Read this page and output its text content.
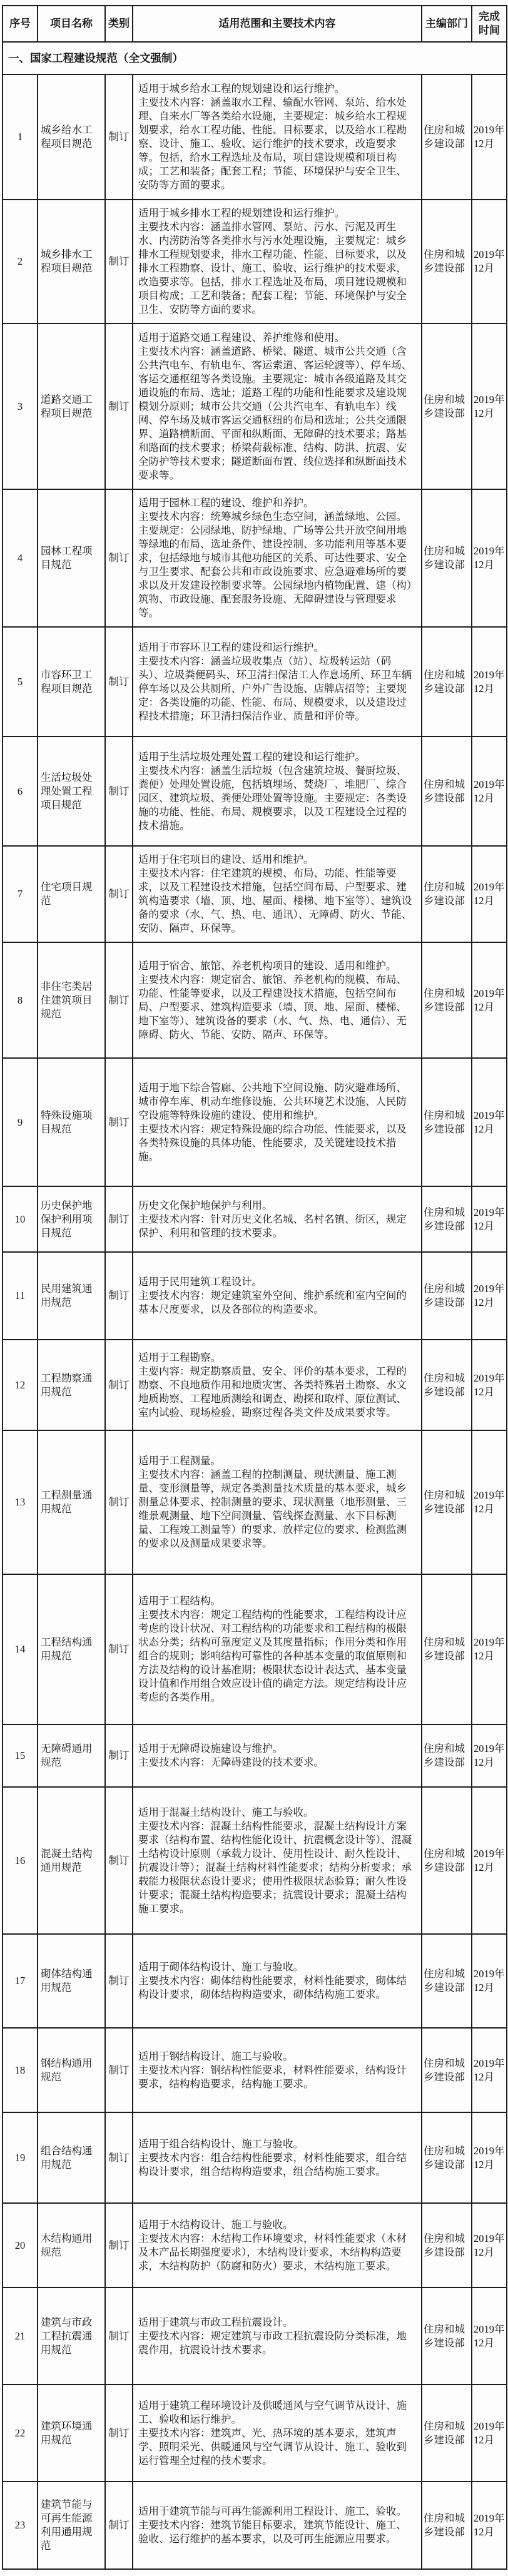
序号	项目名称	类别	适用范围和主要技术内容	主编部门	完成时间
一、国家工程建设规范（全文强制）					
1	城乡给水工程项目规范	制订	适用于城乡给水工程的规划建设和运行维护。
主要技术内容：涵盖取水工程、输配水管网、泵站、给水处理、自来水厂等各类给水设施，主要规定：城乡给水工程规划要求，给水工程功能、性能、目标要求，以及给水工程勘察、设计、施工、验收、运行维护的技术要求，改造要求等。包括，给水工程选址及布局，项目建设规模和项目构成；工艺和装备；配套工程；节能、环境保护与安全卫生、安防等方面的要求。	住房和城乡建设部	2019年12月
2	城乡排水工程项目规范	制订	适用于城乡排水工程的规划建设和运行维护。
主要技术内容：涵盖排水管网、泵站、污水、污泥及再生水、内涝防治等各类排水与污水处理设施，主要规定：城乡排水工程规划要求，排水工程功能、性能、目标要求，以及排水工程勘察、设计、施工、验收、运行维护的技术要求，改造要求等。包括，排水工程选址及布局，项目建设规模和项目构成；工艺和装备；配套工程；节能、环境保护与安全卫生、安防等方面的要求。	住房和城乡建设部	2019年12月
3	道路交通工程项目规范	制订	适用于道路交通工程建设、养护维修和使用。
主要技术内容：涵盖道路、桥梁、隧道、城市公共交通（含公共汽电车、有轨电车、客运索道、客运轮渡等）、停车场、客运交通枢纽等各类设施。主要规定：城市各级道路及其交通设施的布局、选址；道路工程的功能和性能要求及建设规模划分原则；城市公共交通（公共汽电车、有轨电车）线网、停车场及城市客运交通枢纽的布局和选址；公共交通限界、道路横断面、平面和纵断面、无障碍的技术要求；路基和路面的技术要求；桥梁荷载标准、结构、防洪、抗震、安全防护等技术要求；隧道断面布置、线位选择和纵断面技术要求等。	住房和城乡建设部	2019年12月
4	园林工程项目规范	制订	适用于园林工程的建设、维护和养护。
主要技术内容：统筹城乡绿色生态空间，涵盖绿地、公园。主要规定：公园绿地、防护绿地、广场等公共开放空间用地等绿地的布局、选址条件、建设控制、多功能利用等基本要求，包括绿地与城市其他功能区的关系、可达性要求、安全与卫生要求、配套公共和市政设施要求、应急避难场所的要求以及开发建设控制要求等。公园绿地内植物配置、建（构）筑物、市政设施、配套服务设施、无障碍建设与管理要求等。	住房和城乡建设部	2019年12月
5	市容环卫工程项目规范	制订	适用于市容环卫工程的建设和运行维护。
主要技术内容：涵盖垃圾收集点（站）、垃圾转运站（码头）、垃圾粪便码头、环卫清扫保洁工人作息场所、环卫车辆停车场以及公共厕所、户外广告设施、店牌店招等；主要规定：各类设施的功能、性能、布局、规模要求，以及建设过程技术措施；环卫清扫保洁作业、质量和评价等。	住房和城乡建设部	2019年12月
6	生活垃圾处理处置工程项目规范	制订	适用于生活垃圾处理处置工程的建设和运行维护。
主要技术内容：涵盖生活垃圾（包含建筑垃圾、餐厨垃圾、粪便）处理处置设施，包括填埋场、焚烧厂、堆肥厂、综合园区、建筑垃圾、粪便处理处置等设施。主要规定：各类设施的功能、性能、布局、规模要求，以及工程建设全过程的技术措施。	住房和城乡建设部	2019年12月
7	住宅项目规范	制订	适用于住宅项目的建设、适用和维护。
主要技术内容：住宅建筑的规模、布局、功能、性能等要求，以及工程建设技术措施，包括空间布局、户型要求、建筑构造要求（墙、顶、地、屋面、楼梯、地下室等）、建筑设备的要求（水、气、热、电、通讯）、无障碍、防火、节能、安防、隔声、环保等。	住房和城乡建设部	2019年12月
8	非住宅类居住建筑项目规范	制订	适用于宿舍、旅馆、养老机构项目的建设、适用和维护。
主要技术内容：规定宿舍、旅馆、养老机构的规模、布局、功能、性能等要求，以及工程建设技术措施，包括空间布局、户型要求、建筑构造要求（墙、顶、地、屋面、楼梯、地下室等）、建筑设备的要求（水、气、热、电、通信）、无障碍、防火、节能、安防、隔声、环保等。	住房和城乡建设部	2019年12月
9	特殊设施项目规范	制订	适用于地下综合管廊、公共地下空间设施、防灾避难场所、城市停车库、机动车维修设施、公共环境艺术设施、人民防空设施等特殊设施的建设、使用和维护。
主要技术内容：规定特殊设施的综合功能、性能要求，以及各类特殊设施的具体功能、性能要求，及关键建设技术措施。	住房和城乡建设部	2019年12月
10	历史保护地保护利用项目规范	制订	历史文化保护地保护与利用。
主要技术内容：针对历史文化名城、名村名镇、街区，规定保护、利用和管理的技术要求。	住房和城乡建设部	2019年12月
11	民用建筑通用规范	制订	适用于民用建筑工程设计。
主要技术内容：规定建筑室外空间、维护系统和室内空间的基本尺度要求，以及各部位的构造要求。	住房和城乡建设部	2019年12月
12	工程勘察通用规范	制订	适用于工程勘察。
主要内容：规定勘察质量、安全、评价的基本要求，工程的勘察、不良地质作用和地质灾害、各类特殊岩土勘察、水文地质勘察、工程地质测绘和调查、勘探和取样、原位测试、室内试验、现场检验、勘察过程各类文件及成果要求等。	住房和城乡建设部	2019年12月
13	工程测量通用规范	制订	适用于工程测量。
主要技术内容：涵盖工程的控制测量、现状测量、施工测量、变形测量等，规定各类测量技术质量的基本要求，城乡测量总体要求、控制测量的要求、现状测量（地形测量、三维景观测量、地下空间测量、管线探查测量、水下目标测量、工程竣工测量等）的要求、放样定位的要求、检测监测的要求以及测量成果要求等。	住房和城乡建设部	2019年12月
14	工程结构通用规范	制订	适用于工程结构。
主要技术内容：规定工程结构的性能要求，工程结构设计应考虑的设计状况、对工程结构的功能要求和工程结构的极限状态分类；结构可靠度定义及其度量指标；作用分类和作用组合的规则；影响结构可靠性的各种基本变量的取值原则和方法及结构的设计基准期；极限状态设计表达式、基本变量设计值和作用组合效应设计值的确定方法。规定结构设计应考虑的各类作用。	住房和城乡建设部	2019年12月
15	无障碍通用规范	制订	适用于无障碍设施建设与维护。
主要技术内容：无障碍建设的技术要求。	住房和城乡建设部	2019年12月
16	混凝土结构通用规范	制订	适用于混凝土结构设计、施工与验收。
主要技术内容：混凝土结构性能要求，混凝土结构设计方案要求（结构布置、结构性能化设计、抗震概念设计等）、混凝土结构设计原则（承载力设计、使用性设计、耐久性设计、抗震设计等）；混凝土结构材料性能要求；结构分析要求；承载能力极限状态设计要求；使用性极限状态验算；耐久性设计要求；混凝土结构构造要求；抗震设计要求；混凝土结构施工要求。	住房和城乡建设部	2019年12月
17	砌体结构通用规范	制订	适用于砌体结构设计、施工与验收。
主要技术内容：砌体结构性能要求，材料性能要求，砌体结构设计要求，砌体结构构造要求，砌体结构施工要求。	住房和城乡建设部	2019年12月
18	钢结构通用规范	制订	适用于钢结构设计、施工与验收。
主要技术内容：钢结构性能要求，材料性能要求，结构设计要求，结构构造要求，结构施工要求。	住房和城乡建设部	2019年12月
19	组合结构通用规范	制订	适用于组合结构设计、施工与验收。
主要技术内容：组合结构性能要求，材料性能要求，组合结构设计要求，组合结构构造要求，组合结构施工要求。	住房和城乡建设部	2019年12月
20	木结构通用规范	制订	适用于木结构设计、施工与验收。
主要技术内容：木结构工作环境要求，材料性能要求（木材及木产品长期强度要求），木结构设计要求，木结构构造要求，木结构防护（防腐和防火）要求，木结构施工要求。	住房和城乡建设部	2019年12月
21	建筑与市政工程抗震通用规范	制订	适用于建筑与市政工程抗震设计。
主要技术内容：规定建筑与市政工程抗震设防分类标准，地震作用，抗震设计技术要求。	住房和城乡建设部	2019年12月
22	建筑环境通用规范	制订	适用于建筑工程环境设计及供暖通风与空气调节从设计、施工、验收和运行维护。
主要技术内容：建筑声、光、热环境的基本要求，建筑声学、照明采光、供暖通风与空气调节从设计、施工、验收到运行管理全过程的技术要求。	住房和城乡建设部	2019年12月
23	建筑节能与可再生能源利用通用规范	制订	适用于建筑节能与可再生能源利用工程设计、施工、验收。
主要技术内容：建筑节能目标要求，建筑节能设计、施工、验收、运行维护的基本要求，以及可再生能源应用要求。	住房和城乡建设部	2019年12月
